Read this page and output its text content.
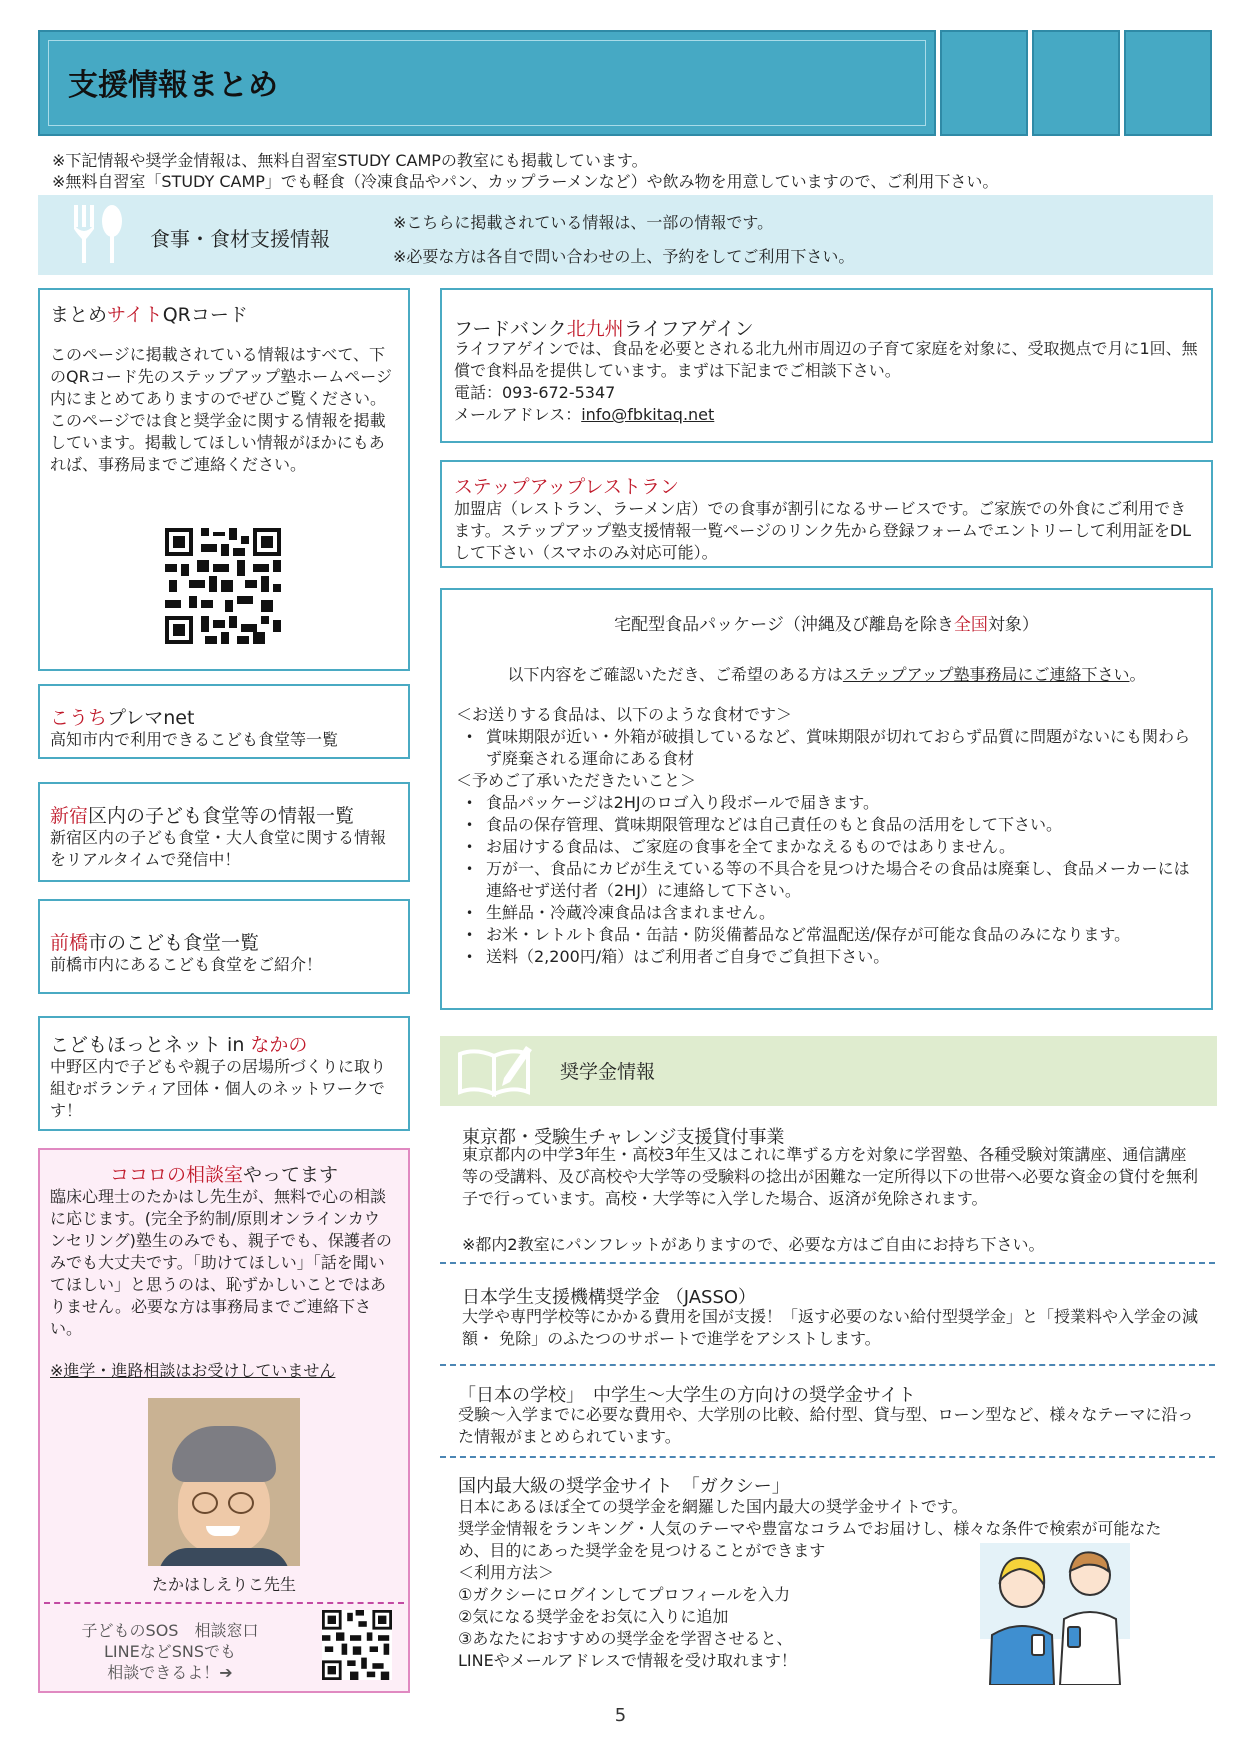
支援情報まとめ
※下記情報や奨学金情報は、無料自習室STUDY CAMPの教室にも掲載しています。
※無料自習室「STUDY CAMP」でも軽食（冷凍食品やパン、カップラーメンなど）や飲み物を用意していますので、ご利用下さい。
食事・食材支援情報
※こちらに掲載されている情報は、一部の情報です。
※必要な方は各自で問い合わせの上、予約をしてご利用下さい。
まとめサイトQRコード
このページに掲載されている情報はすべて、下のQRコード先のステップアップ塾ホームページ内にまとめてありますのでぜひご覧ください。このページでは食と奨学金に関する情報を掲載しています。掲載してほしい情報がほかにもあれば、事務局までご連絡ください。
こうちプレマnet
高知市内で利用できるこども食堂等一覧
新宿区内の子ども食堂等の情報一覧
新宿区内の子ども食堂・大人食堂に関する情報をリアルタイムで発信中！
前橋市のこども食堂一覧
前橋市内にあるこども食堂をご紹介！
こどもほっとネット in なかの
中野区内で子どもや親子の居場所づくりに取り組むボランティア団体・個人のネットワークです！
ココロの相談室やってます
臨床心理士のたかはし先生が、無料で心の相談に応じます。(完全予約制/原則オンラインカウンセリング)塾生のみでも、親子でも、保護者のみでも大丈夫です。「助けてほしい」「話を聞いてほしい」と思うのは、恥ずかしいことではありません。必要な方は事務局までご連絡下さい。
※進学・進路相談はお受けしていません
たかはしえりこ先生
子どものSOS　相談窓口
LINEなどSNSでも
相談できるよ！➔
フードバンク北九州ライフアゲイン
ライフアゲインでは、食品を必要とされる北九州市周辺の子育て家庭を対象に、受取拠点で月に1回、無償で食料品を提供しています。まずは下記までご相談下さい。
電話：093-672-5347
メールアドレス：info@fbkitaq.net
ステップアップレストラン
加盟店（レストラン、ラーメン店）での食事が割引になるサービスです。ご家族での外食にご利用できます。ステップアップ塾支援情報一覧ページのリンク先から登録フォームでエントリーして利用証をDLして下さい（スマホのみ対応可能）。
宅配型食品パッケージ（沖縄及び離島を除き全国対象）
以下内容をご確認いただき、ご希望のある方はステップアップ塾事務局にご連絡下さい。
＜お送りする食品は、以下のような食材です＞
• 賞味期限が近い・外箱が破損しているなど、賞味期限が切れておらず品質に問題がないにも関わらず廃棄される運命にある食材
＜予めご了承いただきたいこと＞
• 食品パッケージは2HJのロゴ入り段ボールで届きます。
• 食品の保存管理、賞味期限管理などは自己責任のもと食品の活用をして下さい。
• お届けする食品は、ご家庭の食事を全てまかなえるものではありません。
• 万が一、食品にカビが生えている等の不具合を見つけた場合その食品は廃棄し、食品メーカーには連絡せず送付者（2HJ）に連絡して下さい。
• 生鮮品・冷蔵冷凍食品は含まれません。
• お米・レトルト食品・缶詰・防災備蓄品など常温配送/保存が可能な食品のみになります。
• 送料（2,200円/箱）はご利用者ご自身でご負担下さい。
奨学金情報
東京都・受験生チャレンジ支援貸付事業
東京都内の中学3年生・高校3年生又はこれに準ずる方を対象に学習塾、各種受験対策講座、通信講座等の受講料、及び高校や大学等の受験料の捻出が困難な一定所得以下の世帯へ必要な資金の貸付を無利子で行っています。高校・大学等に入学した場合、返済が免除されます。
※都内2教室にパンフレットがありますので、必要な方はご自由にお持ち下さい。
日本学生支援機構奨学金 （JASSO）
大学や専門学校等にかかる費用を国が支援！「返す必要のない給付型奨学金」と「授業料や入学金の減額・ 免除」のふたつのサポートで進学をアシストします。
「日本の学校」　中学生～大学生の方向けの奨学金サイト
受験～入学までに必要な費用や、大学別の比較、給付型、貸与型、ローン型など、様々なテーマに沿った情報がまとめられています。
国内最大級の奨学金サイト　「ガクシー」
日本にあるほぼ全ての奨学金を網羅した国内最大の奨学金サイトです。
奨学金情報をランキング・人気のテーマや豊富なコラムでお届けし、様々な条件で検索が可能なため、目的にあった奨学金を見つけることができます
＜利用方法＞
①ガクシーにログインしてプロフィールを入力
②気になる奨学金をお気に入りに追加
③あなたにおすすめの奨学金を学習させると、
LINEやメールアドレスで情報を受け取れます！
5
